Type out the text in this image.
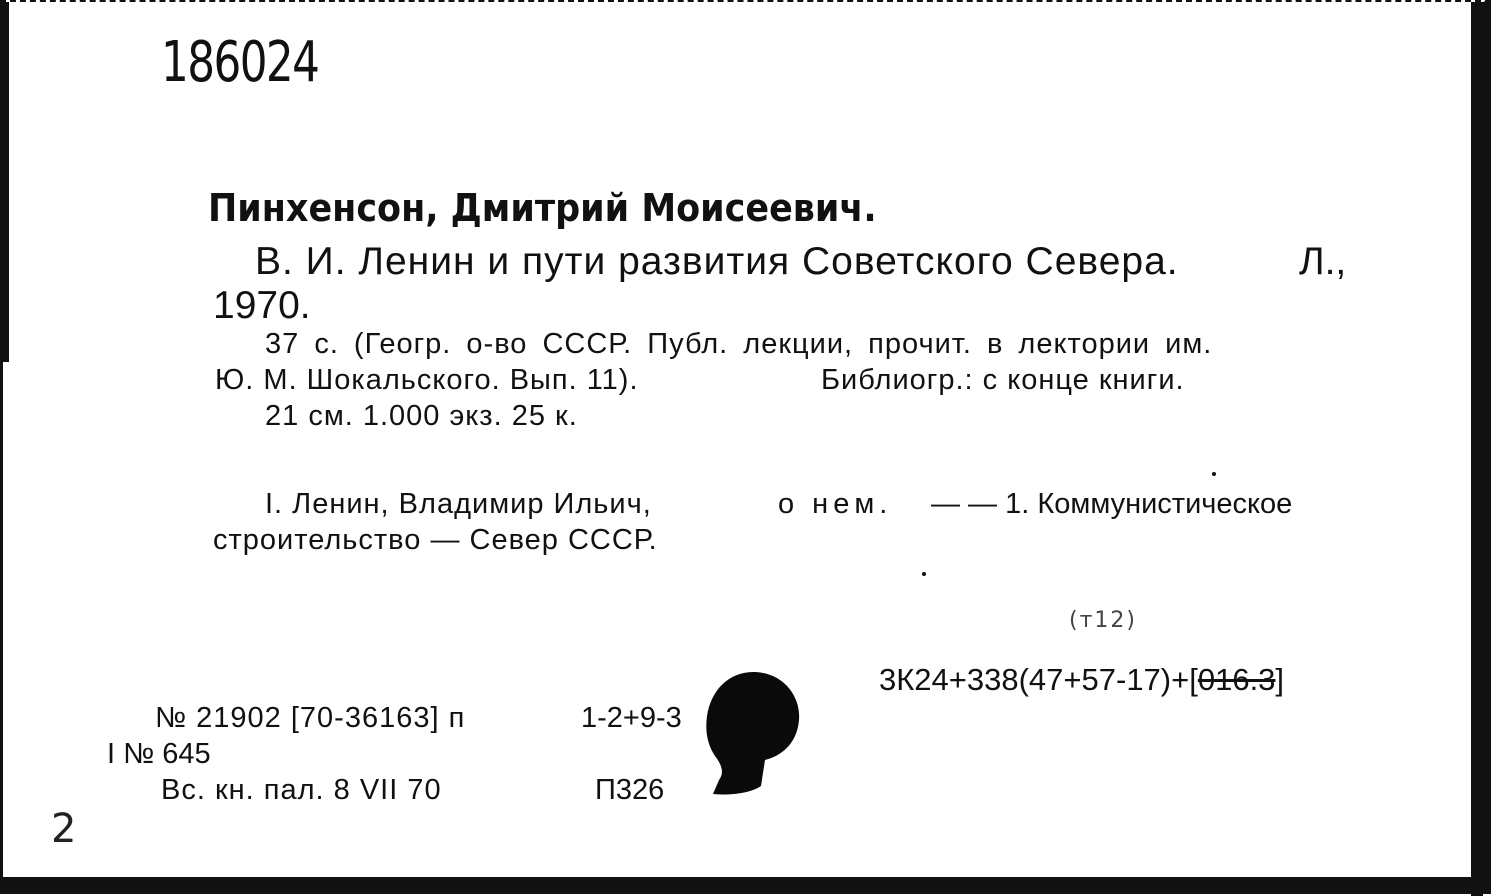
186024
Пинхенсон, Дмитрий Моисеевич.
В. И. Ленин и пути развития Советского Севера.	Л.,
1970.
37 с. (Геогр. о-во СССР. Публ. лекции, прочит. в лектории им.
Ю. М. Шокальского. Вып. 11).	Библиогр.: с конце книги.
21 см. 1.000 экз. 25 к.
I. Ленин, Владимир Ильич,	о нем. — — 1. Коммунистическое
строительство — Север СССР.
(т12)
3К24+338(47+57-17)+[016.3]
№ 21902 [70-36163] п	1-2+9-3
I № 645
Вс. кн. пал. 8 VII 70	П326
2
